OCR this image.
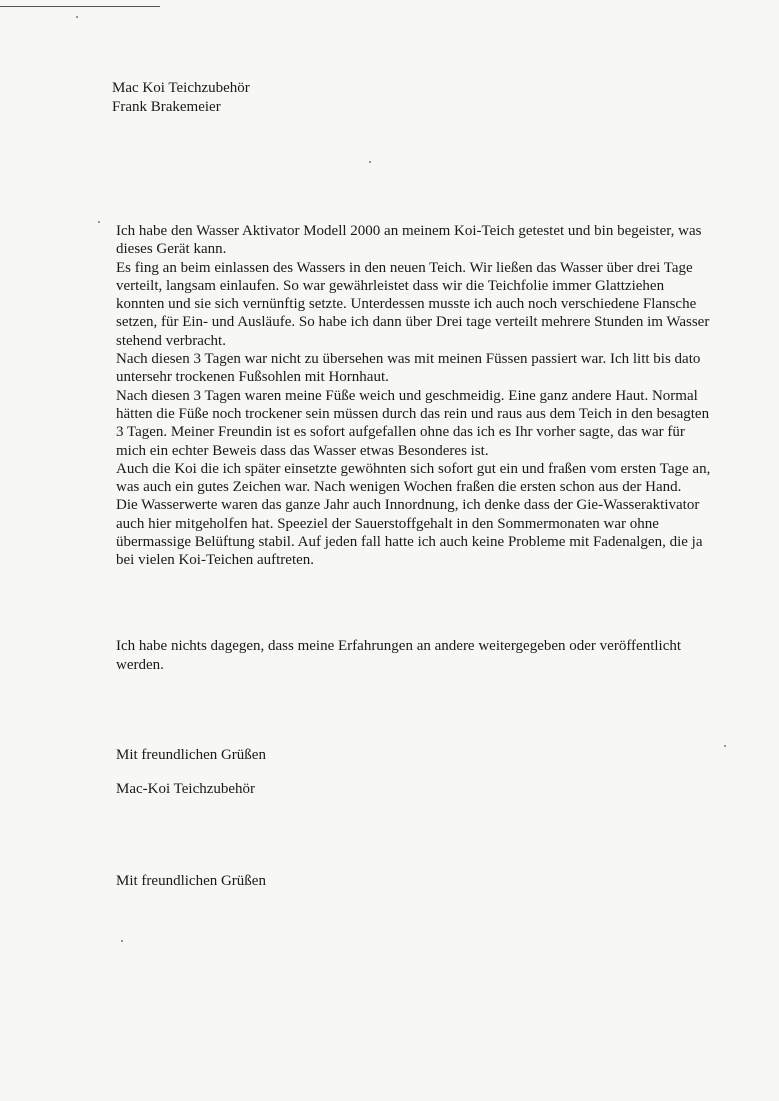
Mac Koi Teichzubehör
Frank Brakemeier

Ich habe den Wasser Aktivator Modell 2000 an meinem Koi-Teich getestet und bin begeister, was dieses Gerät kann.

Es fing an beim einlassen des Wassers in den neuen Teich. Wir ließen das Wasser über drei Tage verteilt, langsam einlaufen. So war gewährleistet dass wir die Teichfolie immer Glattziehen konnten und sie sich vernünftig setzte. Unterdessen musste ich auch noch verschiedene Flansche setzen, für Ein- und Ausläufe. So habe ich dann über Drei tage verteilt mehrere Stunden im Wasser stehend verbracht.

Nach diesen 3 Tagen war nicht zu übersehen was mit meinen Füssen passiert war. Ich litt bis dato untersehr trockenen Fußsohlen mit Hornhaut.

Nach diesen 3 Tagen waren meine Füße weich und geschmeidig. Eine ganz andere Haut. Normal hätten die Füße noch trockener sein müssen durch das rein und raus aus dem Teich in den besagten 3 Tagen. Meiner Freundin ist es sofort aufgefallen ohne das ich es Ihr vorher sagte, das war für mich ein echter Beweis dass das Wasser etwas Besonderes ist.

Auch die Koi die ich später einsetzte gewöhnten sich sofort gut ein und fraßen vom ersten Tage an, was auch ein gutes Zeichen war. Nach wenigen Wochen fraßen die ersten schon aus der Hand.

Die Wasserwerte waren das ganze Jahr auch Innordnung, ich denke dass der Gie-Wasseraktivator auch hier mitgeholfen hat. Speeziel der Sauerstoffgehalt in den Sommermonaten war ohne übermassige Belüftung stabil. Auf jeden fall hatte ich auch keine Probleme mit Fadenalgen, die ja bei vielen Koi-Teichen auftreten.

Ich habe nichts dagegen, dass meine Erfahrungen an andere weitergegeben oder veröffentlicht werden.
Mit freundlichen Grüßen
Mac-Koi Teichzubehör
Mit freundlichen Grüßen
